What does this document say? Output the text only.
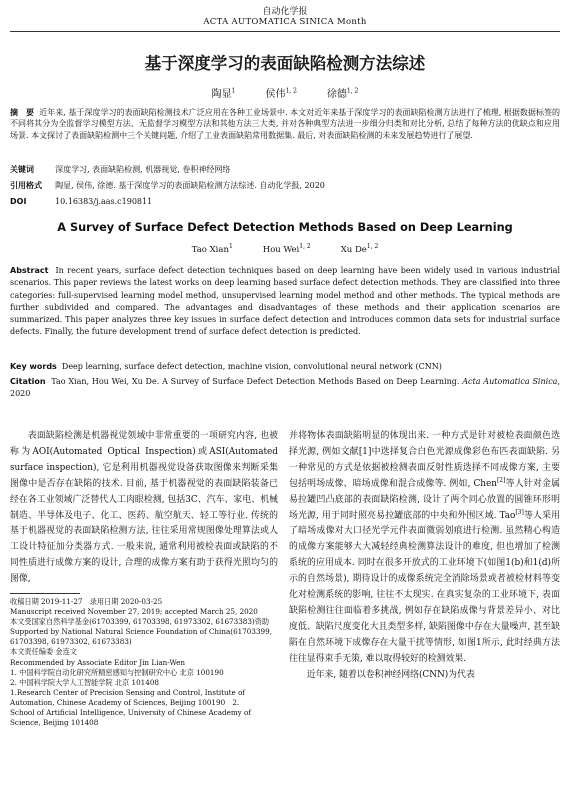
自动化学报
ACTA AUTOMATICA SINICA Month
基于深度学习的表面缺陷检测方法综述
陶显$^1$	侯伟$^{1, 2}$	徐德$^{1, 2}$
摘　要 近年来, 基于深度学习的表面缺陷检测技术广泛应用在各种工业场景中. 本文对近年来基于深度学习的表面缺陷检测方法进行了梳理, 根据数据标签的不同将其分为全监督学习模型方法、无监督学习模型方法和其他方法三大类, 并对各种典型方法进一步细分归类和对比分析, 总结了每种方法的优缺点和应用场景. 本文探讨了表面缺陷检测中三个关键问题, 介绍了工业表面缺陷常用数据集. 最后, 对表面缺陷检测的未来发展趋势进行了展望.
关键词	深度学习, 表面缺陷检测, 机器视觉, 卷积神经网络
引用格式 陶显, 侯伟, 徐德. 基于深度学习的表面缺陷检测方法综述. 自动化学报, 2020
DOI	10.16383/j.aas.c190811
A Survey of Surface Defect Detection Methods Based on Deep Learning
Tao Xian$^1$	Hou Wei$^{1, 2}$	Xu De$^{1, 2}$
Abstract In recent years, surface defect detection techniques based on deep learning have been widely used in various industrial scenarios. This paper reviews the latest works on deep learning based surface defect detection methods. They are classified into three categories: full-supervised learning model method, unsupervised learning model method and other methods. The typical methods are further subdivided and compared. The advantages and disadvantages of these methods and their application scenarios are summarized. This paper analyzes three key issues in surface defect detection and introduces common data sets for industrial surface defects. Finally, the future development trend of surface defect detection is predicted.
Key words Deep learning, surface defect detection, machine vision, convolutional neural network (CNN)
Citation Tao Xian, Hou Wei, Xu De. A Survey of Surface Defect Detection Methods Based on Deep Learning. Acta Automatica Sinica, 2020

表面缺陷检测是机器视觉领域中非常重要的一项研究内容, 也被称为AOI(Automated Optical Inspection)或ASI(Automated surface inspection), 它是利用机器视觉设备获取图像来判断采集图像中是否存在缺陷的技术. 目前, 基于机器视觉的表面缺陷装备已经在各工业领域广泛替代人工肉眼检测, 包括3C、汽车、家电、机械制造、半导体及电子、化工、医药、航空航天、轻工等行业. 传统的基于机器视觉的表面缺陷检测方法, 往往采用常规图像处理算法或人工设计特征加分类器方式. 一般来说, 通常利用被检表面或缺陷的不同性质进行成像方案的设计, 合理的成像方案有助于获得光照均匀的图像,

并将物体表面缺陷明显的体现出来. 一种方式是针对被检表面颜色选择光源, 例如文献[1]中选择复合白色光源成像彩色布匹表面缺陷. 另一种常见的方式是依据被检测表面反射性质选择不同成像方案, 主要包括明场成像、暗场成像和混合成像等. 例如, Chen[2]等人针对金属易拉罐凹凸底部的表面缺陷检测, 设计了两个同心放置的圆锥环形明场光源, 用于同时照亮易拉罐底部的中央和外围区域. Tao[3]等人采用了暗场成像对大口径光学元件表面微弱划痕进行检测. 虽然精心构造的成像方案能够大大减轻经典检测算法设计的难度, 但也增加了检测系统的应用成本. 同时在很多开放式的工业环境下(如图1(b)和1(d)所示的自然场景), 期待设计的成像系统完全消除场景或者被检材料等变化对检测系统的影响, 往往不太现实. 在真实复杂的工业环境下, 表面缺陷检测往往面临着多挑战, 例如存在缺陷成像与背景差异小、对比度低、缺陷尺度变化大且类型多样, 缺陷图像中存在大量噪声, 甚至缺陷在自然环境下成像存在大量干扰等情形, 如图1所示, 此时经典方法往往显得束手无策, 难以取得较好的检测效果.

近年来, 随着以卷积神经网络(CNN)为代表

收稿日期 2019-11-27　录用日期 2020-03-25
Manuscript received November 27, 2019; accepted March 25, 2020
本文受国家自然科学基金(61703399, 61703398, 61973302, 61673383)资助
Supported by National Natural Science Foundation of China(61703399, 61703398, 61973302, 61673383)
本文责任编委 金连文
Recommended by Associate Editor Jin Lian-Wen
1. 中国科学院自动化研究所精密感知与控制研究中心 北京 100190
2. 中国科学院大学人工智能学院 北京 101408
1.Research Center of Precision Sensing and Control, Institute of Automation, Chinese Academy of Sciences, Beijing 100190　2.
School of Artificial Intelligence, University of Chinese Academy of Science, Beijing 101408
